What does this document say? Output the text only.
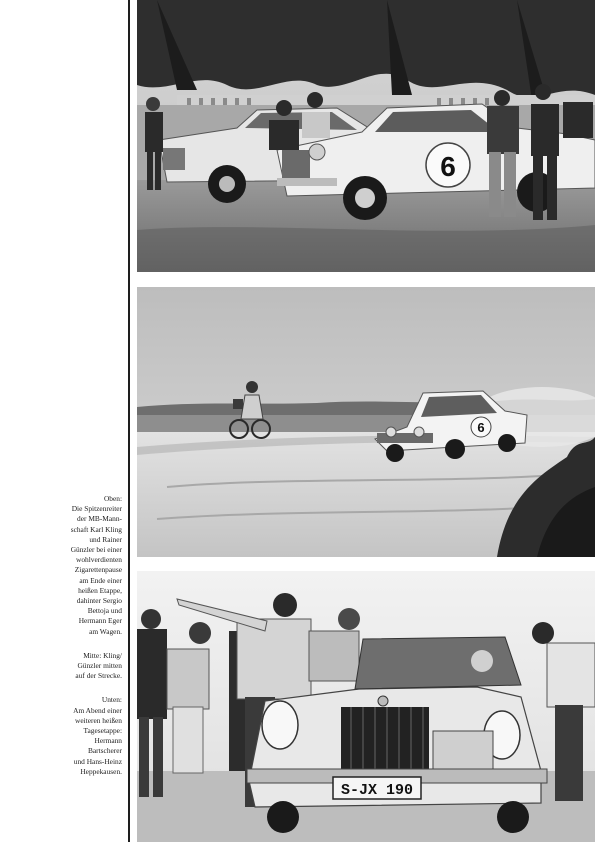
6
6
S-JX 190

Oben:
Die Spitzenreiter
der MB-Mann-
schaft Karl Kling
und Rainer
Günzler bei einer
wohlverdienten
Zigarettenpause
am Ende einer
heißen Etappe,
dahinter Sergio
Bettoja und
Hermann Eger
am Wagen.

Mitte: Kling/
Günzler mitten
auf der Strecke.

Unten:
Am Abend einer
weiteren heißen
Tagesetappe:
Hermann
Bartscherer
und Hans-Heinz
Heppekausen.
